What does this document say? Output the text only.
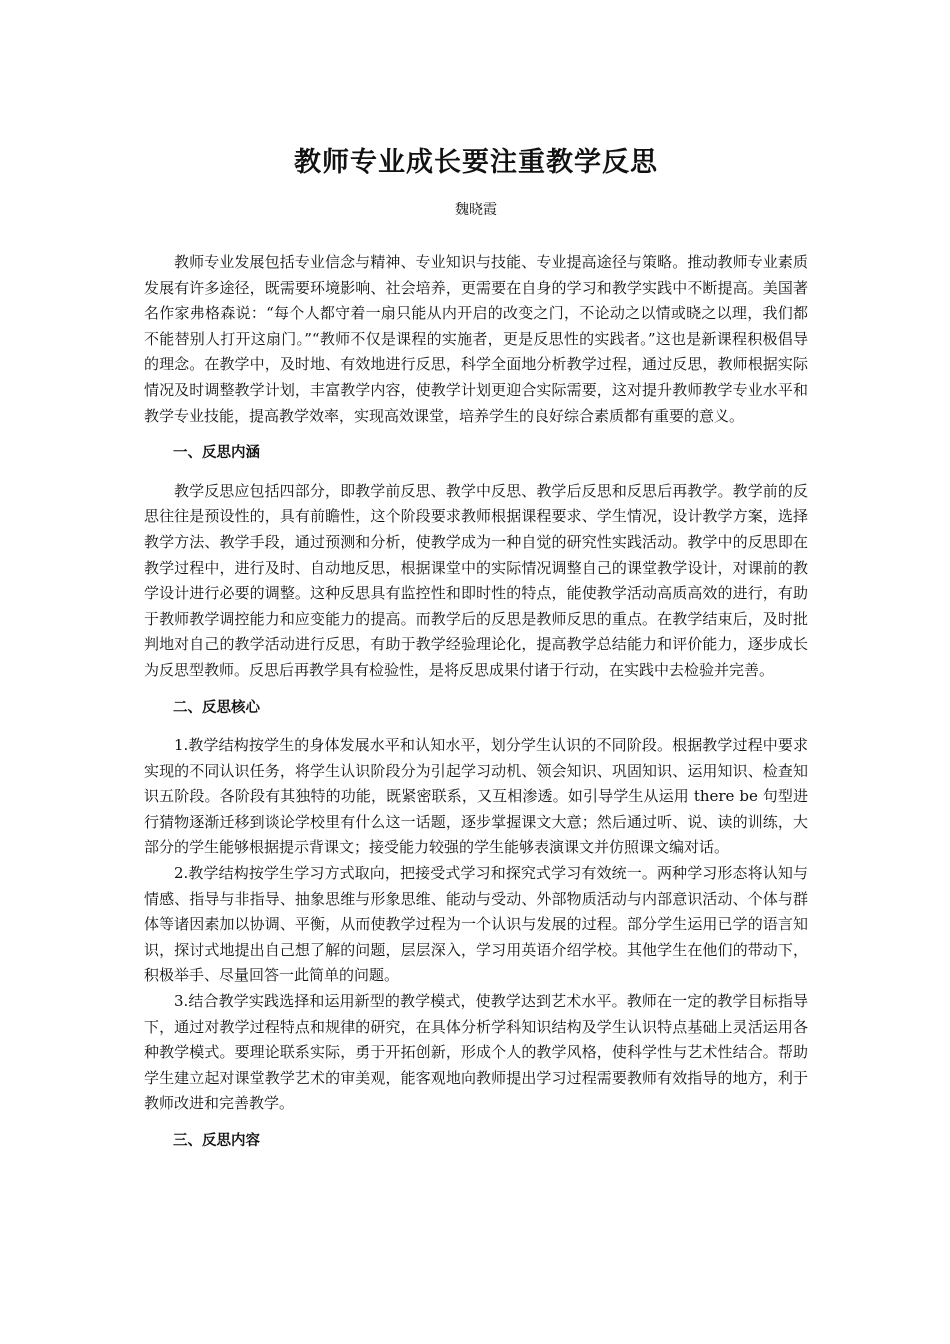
教师专业成长要注重教学反思

魏晓霞

教师专业发展包括专业信念与精神、专业知识与技能、专业提高途径与策略。推动教师专业素质发展有许多途径，既需要环境影响、社会培养，更需要在自身的学习和教学实践中不断提高。美国著名作家弗格森说：“每个人都守着一扇只能从内开启的改变之门，不论动之以情或晓之以理，我们都不能替别人打开这扇门。”“教师不仅是课程的实施者，更是反思性的实践者。”这也是新课程积极倡导的理念。在教学中，及时地、有效地进行反思，科学全面地分析教学过程，通过反思，教师根据实际情况及时调整教学计划，丰富教学内容，使教学计划更迎合实际需要，这对提升教师教学专业水平和教学专业技能，提高教学效率，实现高效课堂，培养学生的良好综合素质都有重要的意义。

一、反思内涵

教学反思应包括四部分，即教学前反思、教学中反思、教学后反思和反思后再教学。教学前的反思往往是预设性的，具有前瞻性，这个阶段要求教师根据课程要求、学生情况，设计教学方案，选择教学方法、教学手段，通过预测和分析，使教学成为一种自觉的研究性实践活动。教学中的反思即在教学过程中，进行及时、自动地反思，根据课堂中的实际情况调整自己的课堂教学设计，对课前的教学设计进行必要的调整。这种反思具有监控性和即时性的特点，能使教学活动高质高效的进行，有助于教师教学调控能力和应变能力的提高。而教学后的反思是教师反思的重点。在教学结束后，及时批判地对自己的教学活动进行反思，有助于教学经验理论化，提高教学总结能力和评价能力，逐步成长为反思型教师。反思后再教学具有检验性，是将反思成果付诸于行动，在实践中去检验并完善。

二、反思核心

1.教学结构按学生的身体发展水平和认知水平，划分学生认识的不同阶段。根据教学过程中要求实现的不同认识任务，将学生认识阶段分为引起学习动机、领会知识、巩固知识、运用知识、检查知识五阶段。各阶段有其独特的功能，既紧密联系，又互相渗透。如引导学生从运用 there be 句型进行猜物逐渐迁移到谈论学校里有什么这一话题，逐步掌握课文大意；然后通过听、说、读的训练，大部分的学生能够根据提示背课文；接受能力较强的学生能够表演课文并仿照课文编对话。

2.教学结构按学生学习方式取向，把接受式学习和探究式学习有效统一。两种学习形态将认知与情感、指导与非指导、抽象思维与形象思维、能动与受动、外部物质活动与内部意识活动、个体与群体等诸因素加以协调、平衡，从而使教学过程为一个认识与发展的过程。部分学生运用已学的语言知识，探讨式地提出自己想了解的问题，层层深入，学习用英语介绍学校。其他学生在他们的带动下，积极举手、尽量回答一此简单的问题。

3.结合教学实践选择和运用新型的教学模式，使教学达到艺术水平。教师在一定的教学目标指导下，通过对教学过程特点和规律的研究，在具体分析学科知识结构及学生认识特点基础上灵活运用各种教学模式。要理论联系实际，勇于开拓创新，形成个人的教学风格，使科学性与艺术性结合。帮助学生建立起对课堂教学艺术的审美观，能客观地向教师提出学习过程需要教师有效指导的地方，利于教师改进和完善教学。

三、反思内容
